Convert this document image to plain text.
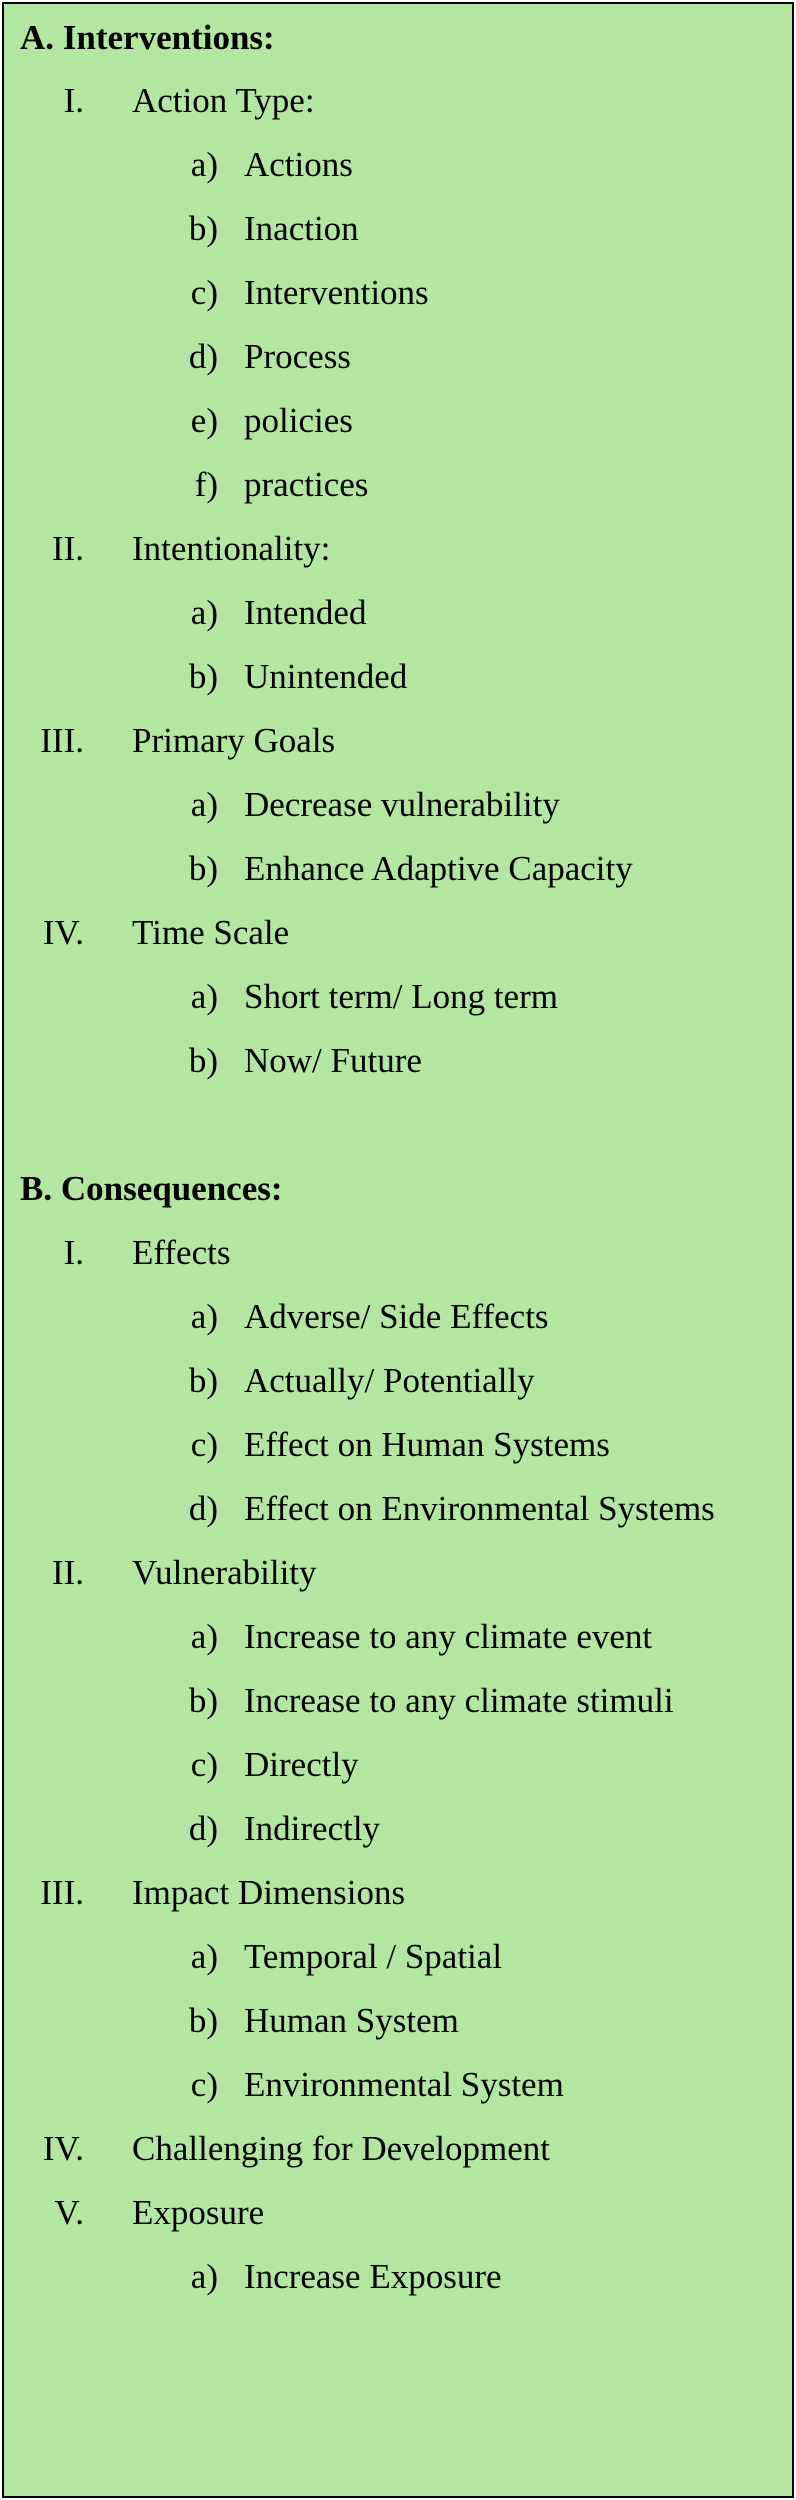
A. Interventions:
I. Action Type:
a) Actions
b) Inaction
c) Interventions
d) Process
e) policies
f) practices
II. Intentionality:
a) Intended
b) Unintended
III. Primary Goals
a) Decrease vulnerability
b) Enhance Adaptive Capacity
IV. Time Scale
a) Short term/ Long term
b) Now/ Future
B. Consequences:
I. Effects
a) Adverse/ Side Effects
b) Actually/ Potentially
c) Effect on Human Systems
d) Effect on Environmental Systems
II. Vulnerability
a) Increase to any climate event
b) Increase to any climate stimuli
c) Directly
d) Indirectly
III. Impact Dimensions
a) Temporal / Spatial
b) Human System
c) Environmental System
IV. Challenging for Development
V. Exposure
a) Increase Exposure
